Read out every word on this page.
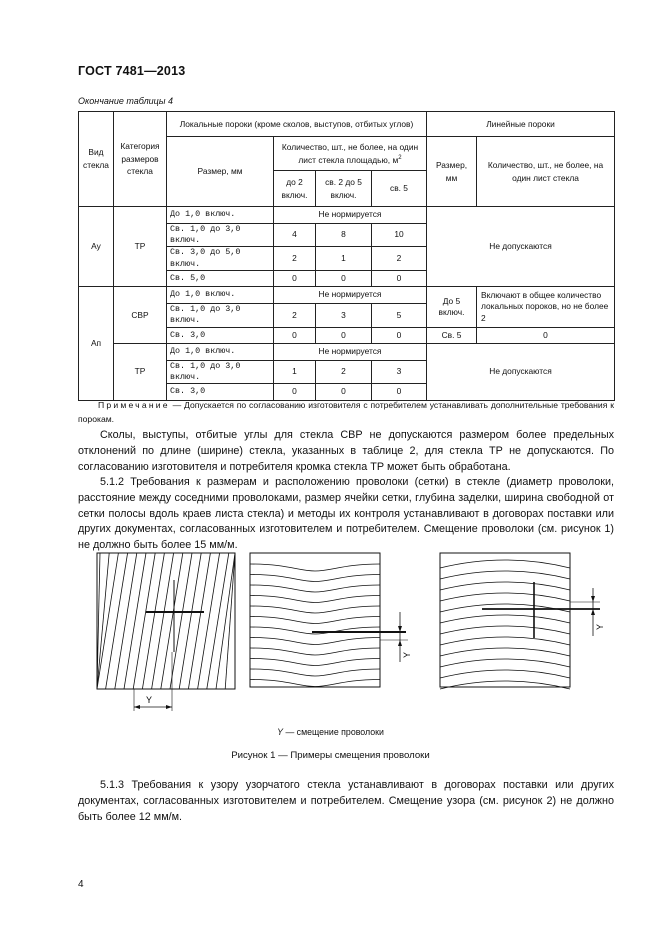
ГОСТ 7481—2013
Окончание таблицы 4
Вид стекла	Категория размеров стекла	Локальные пороки (кроме сколов, выступов, отбитых углов)				Линейные пороки	
		Размер, мм	Количество, шт., не более, на один лист стекла площадью, $м^2$			Размер, мм	Количество, шт., не более, на один лист стекла
			до 2 включ.	св. 2 до 5 включ.	св. 5		
Ау	ТР	До 1,0 включ.	Не нормируется			Не допускаются	
		Св. 1,0 до 3,0 включ.	4	8	10		
		Св. 3,0 до 5,0 включ.	2	1	2		
		Св. 5,0	0	0	0		
Ап	СВР	До 1,0 включ.	Не нормируется			До 5 включ.	Включают в общее количество локальных пороков, но не более 2
		Св. 1,0 до 3,0 включ.	2	3	5		
		Св. 3,0	0	0	0	Св. 5	0
	ТР	До 1,0 включ.	Не нормируется			Не допускаются	
		Св. 1,0 до 3,0 включ.	1	2	3		
		Св. 3,0	0	0	0		
Примечание — Допускается по согласованию изготовителя с потребителем устанавливать дополнительные требования к порокам.

Сколы, выступы, отбитые углы для стекла СВР не допускаются размером более предельных отклонений по длине (ширине) стекла, указанных в таблице 2, для стекла ТР не допускаются. По согласованию изготовителя и потребителя кромка стекла ТР может быть обработана.

5.1.2 Требования к размерам и расположению проволоки (сетки) в стекле (диаметр проволоки, расстояние между соседними проволоками, размер ячейки сетки, глубина заделки, ширина свободной от сетки полосы вдоль краев листа стекла) и методы их контроля устанавливают в договорах поставки или других документах, согласованных изготовителем и потребителем. Смещение проволоки (см. рисунок 1) не должно быть более 15 мм/м.

Y
Y
Y
Y — смещение проволоки
Рисунок 1 — Примеры смещения проволоки

5.1.3 Требования к узору узорчатого стекла устанавливают в договорах поставки или других документах, согласованных изготовителем и потребителем. Смещение узора (см. рисунок 2) не должно быть более 12 мм/м.

4
